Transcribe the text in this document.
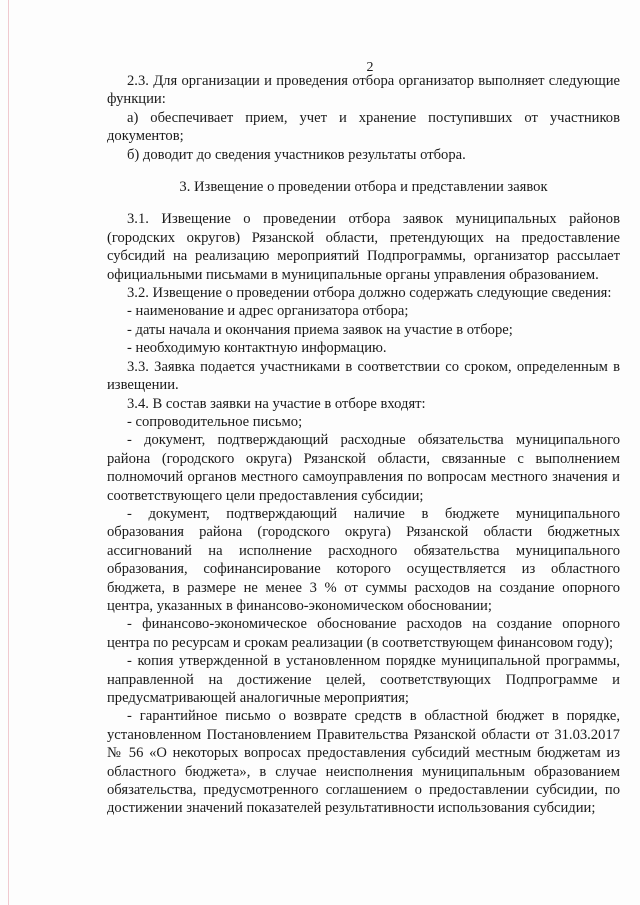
2

2.3. Для организации и проведения отбора организатор выполняет следующие функции:

а) обеспечивает прием, учет и хранение поступивших от участников документов;

б) доводит до сведения участников результаты отбора.

3. Извещение о проведении отбора и представлении заявок

3.1. Извещение о проведении отбора заявок муниципальных районов (городских округов) Рязанской области, претендующих на предоставление субсидий на реализацию мероприятий Подпрограммы, организатор рассылает официальными письмами в муниципальные органы управления образованием.

3.2. Извещение о проведении отбора должно содержать следующие сведения:

- наименование и адрес организатора отбора;

- даты начала и окончания приема заявок на участие в отборе;

- необходимую контактную информацию.

3.3. Заявка подается участниками в соответствии со сроком, определенным в извещении.

3.4. В состав заявки на участие в отборе входят:

- сопроводительное письмо;

- документ, подтверждающий расходные обязательства муниципального района (городского округа) Рязанской области, связанные с выполнением полномочий органов местного самоуправления по вопросам местного значения и соответствующего цели предоставления субсидии;

- документ, подтверждающий наличие в бюджете муниципального образования района (городского округа) Рязанской области бюджетных ассигнований на исполнение расходного обязательства муниципального образования, софинансирование которого осуществляется из областного бюджета, в размере не менее 3 % от суммы расходов на создание опорного центра, указанных в финансово-экономическом обосновании;

- финансово-экономическое обоснование расходов на создание опорного центра по ресурсам и срокам реализации (в соответствующем финансовом году);

- копия утвержденной в установленном порядке муниципальной программы, направленной на достижение целей, соответствующих Подпрограмме и предусматривающей аналогичные мероприятия;

- гарантийное письмо о возврате средств в областной бюджет в порядке, установленном Постановлением Правительства Рязанской области от 31.03.2017 № 56 «О некоторых вопросах предоставления субсидий местным бюджетам из областного бюджета», в случае неисполнения муниципальным образованием обязательства, предусмотренного соглашением о предоставлении субсидии, по достижении значений показателей результативности использования субсидии;
